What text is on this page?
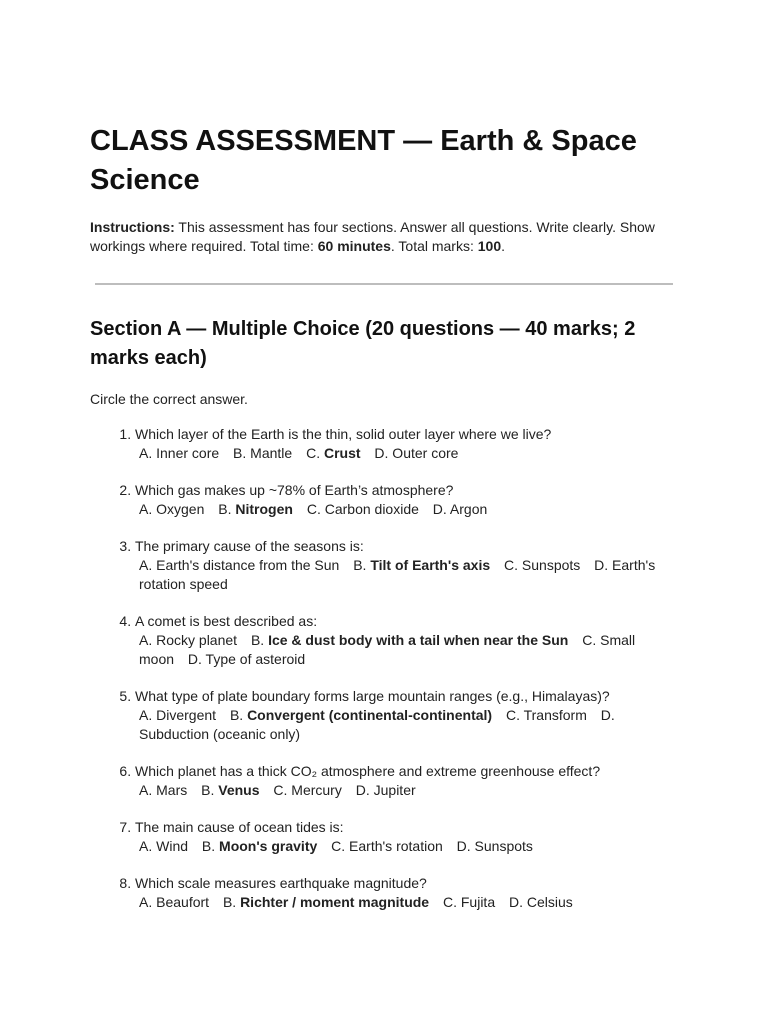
CLASS ASSESSMENT — Earth & Space Science

Instructions: This assessment has four sections. Answer all questions. Write clearly. Show workings where required. Total time: 60 minutes. Total marks: 100.

Section A — Multiple Choice (20 questions — 40 marks; 2 marks each)

Circle the correct answer.

1. Which layer of the Earth is the thin, solid outer layer where we live?
A. Inner core B. Mantle C. Crust D. Outer core
2. Which gas makes up ~78% of Earth’s atmosphere?
A. Oxygen B. Nitrogen C. Carbon dioxide D. Argon
3. The primary cause of the seasons is:
A. Earth's distance from the Sun B. Tilt of Earth's axis C. Sunspots D. Earth's rotation speed
4. A comet is best described as:
A. Rocky planet B. Ice & dust body with a tail when near the Sun C. Small moon D. Type of asteroid
5. What type of plate boundary forms large mountain ranges (e.g., Himalayas)?
A. Divergent B. Convergent (continental-continental) C. Transform D. Subduction (oceanic only)
6. Which planet has a thick CO₂ atmosphere and extreme greenhouse effect?
A. Mars B. Venus C. Mercury D. Jupiter
7. The main cause of ocean tides is:
A. Wind B. Moon's gravity C. Earth's rotation D. Sunspots
8. Which scale measures earthquake magnitude?
A. Beaufort B. Richter / moment magnitude C. Fujita D. Celsius
